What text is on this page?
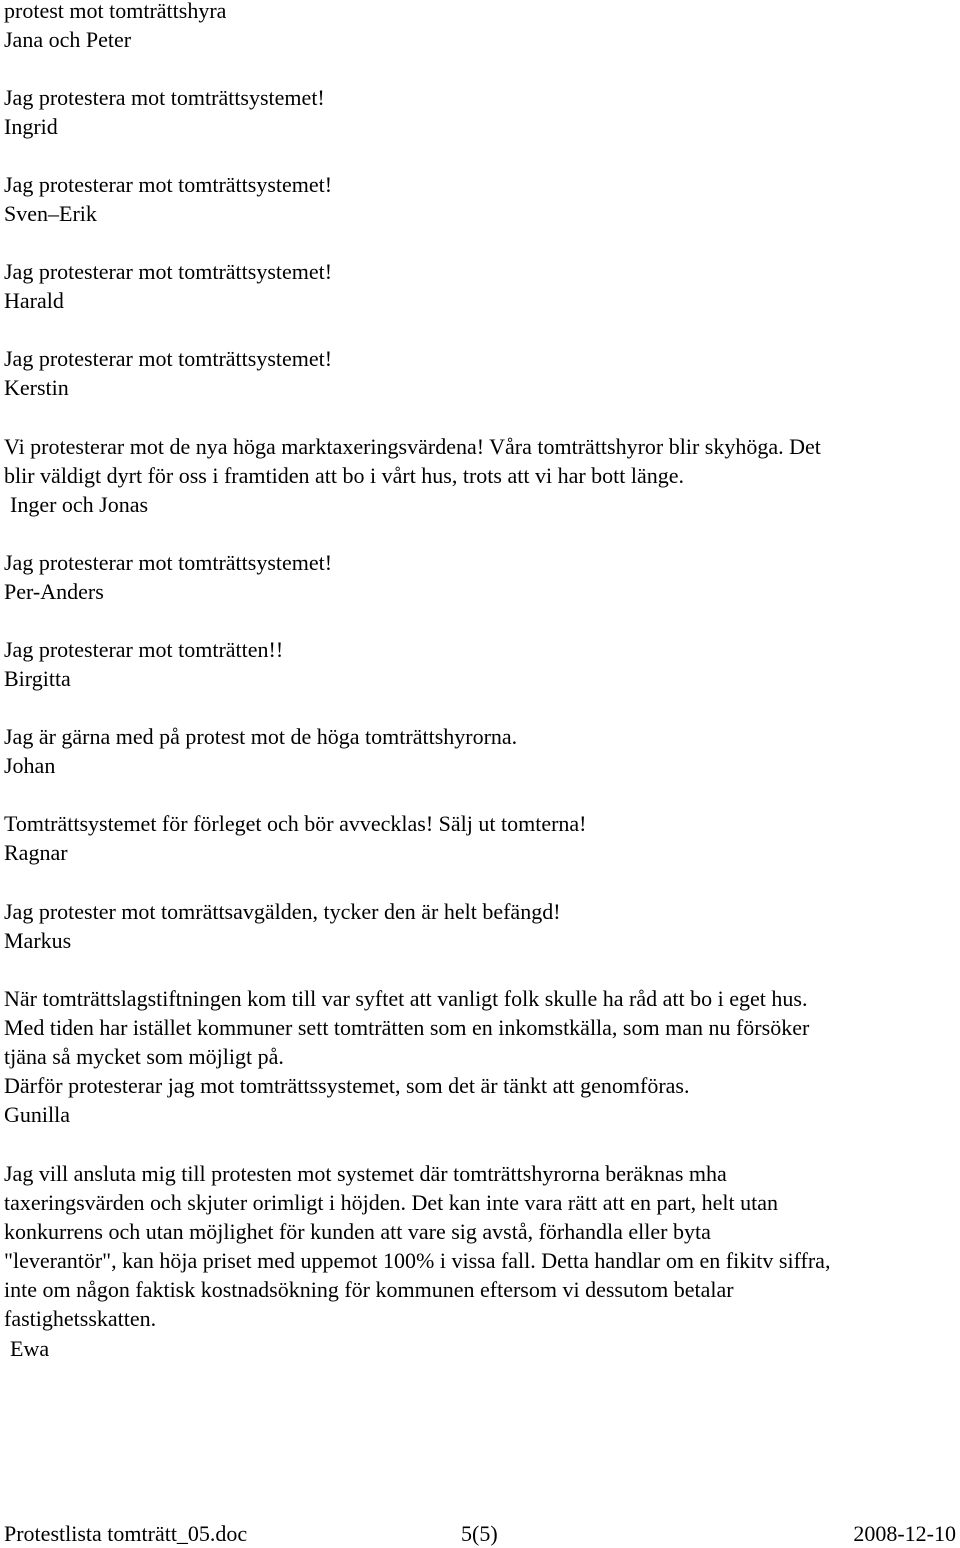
protest mot tomträttshyra
Jana och Peter
Jag protestera mot tomträttsystemet!
Ingrid
Jag protesterar mot tomträttsystemet!
Sven–Erik
Jag protesterar mot tomträttsystemet!
Harald
Jag protesterar mot tomträttsystemet!
Kerstin
Vi protesterar mot de nya höga marktaxeringsvärdena! Våra tomträttshyror blir skyhöga. Det
blir väldigt dyrt för oss i framtiden att bo i vårt hus, trots att vi har bott länge.
Inger och Jonas
Jag protesterar mot tomträttsystemet!
Per-Anders
Jag protesterar mot tomträtten!!
Birgitta
Jag är gärna med på protest mot de höga tomträttshyrorna.
Johan
Tomträttsystemet för förleget och bör avvecklas! Sälj ut tomterna!
Ragnar
Jag protester mot tomrättsavgälden, tycker den är helt befängd!
Markus
När tomträttslagstiftningen kom till var syftet att vanligt folk skulle ha råd att bo i eget hus.
Med tiden har istället kommuner sett tomträtten som en inkomstkälla, som man nu försöker
tjäna så mycket som möjligt på.
Därför protesterar jag mot tomträttssystemet, som det är tänkt att genomföras.
Gunilla
Jag vill ansluta mig till protesten mot systemet där tomträttshyrorna beräknas mha
taxeringsvärden och skjuter orimligt i höjden. Det kan inte vara rätt att en part, helt utan
konkurrens och utan möjlighet för kunden att vare sig avstå, förhandla eller byta
"leverantör", kan höja priset med uppemot 100% i vissa fall. Detta handlar om en fikitv siffra,
inte om någon faktisk kostnadsökning för kommunen eftersom vi dessutom betalar
fastighetsskatten.
Ewa
Protestlista tomträtt_05.doc	5(5)	2008-12-10
